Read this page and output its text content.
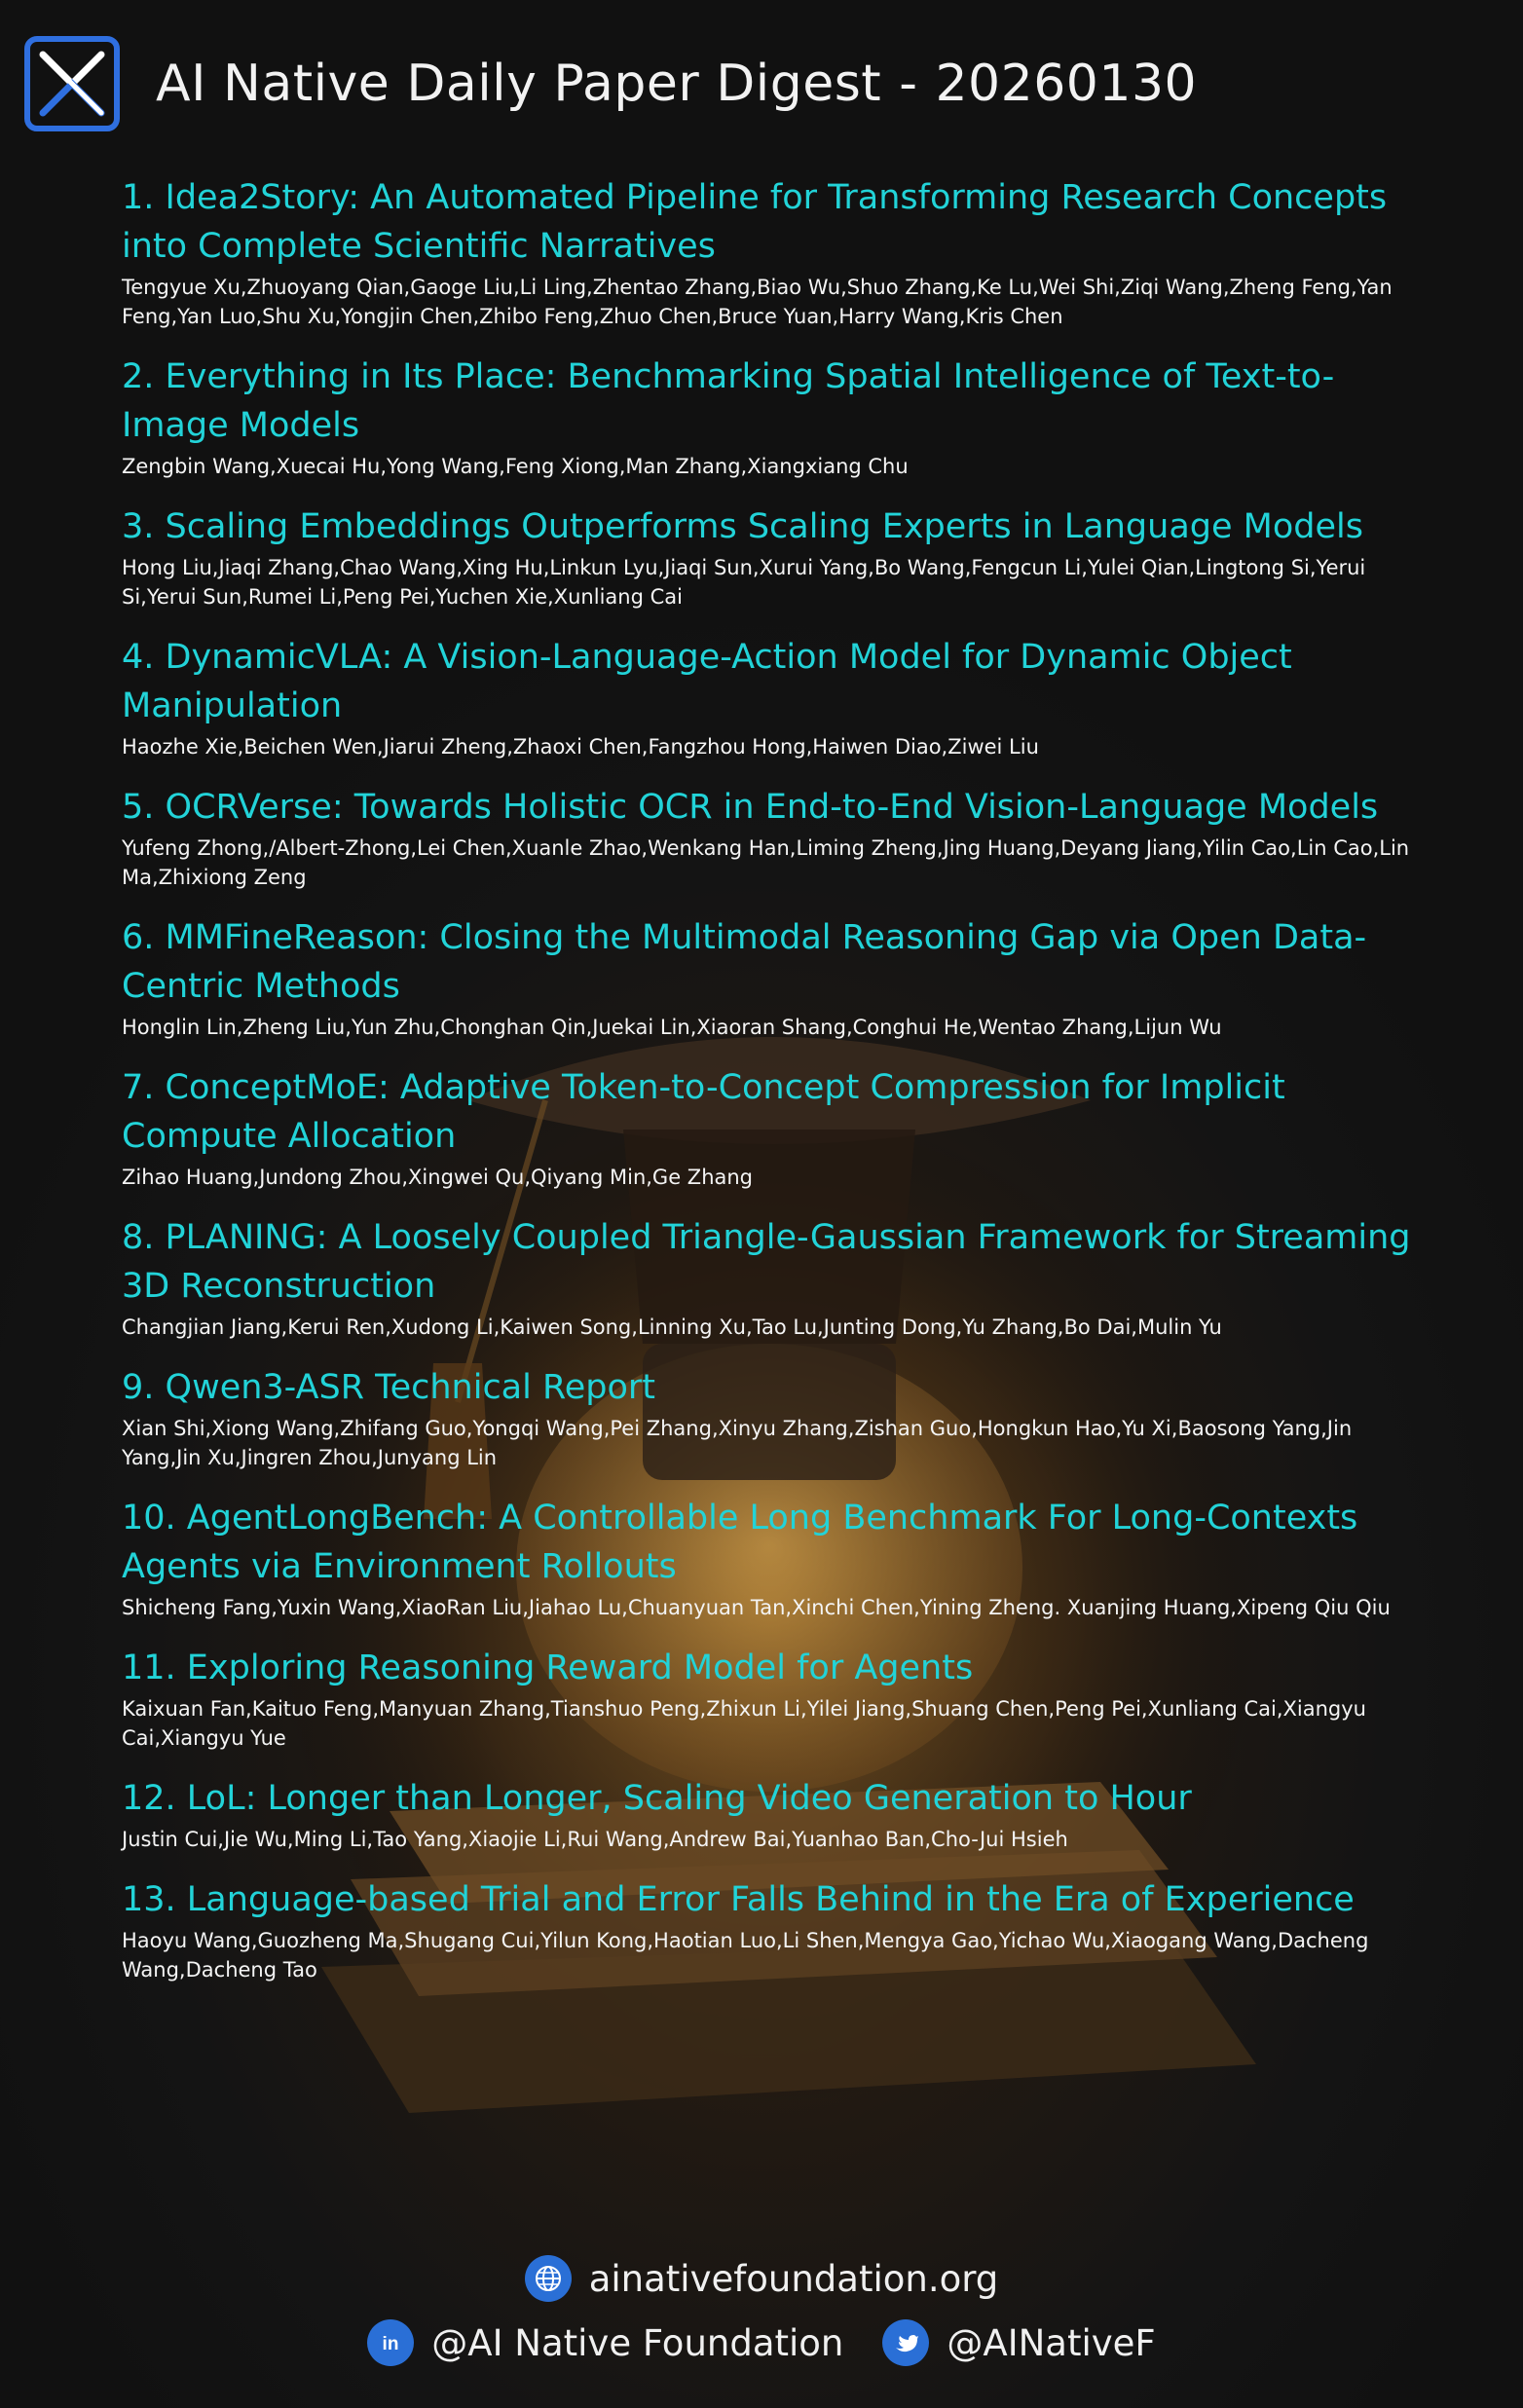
AI Native Daily Paper Digest - 20260130
1. Idea2Story: An Automated Pipeline for Transforming Research Concepts into Complete Scientific Narratives
Tengyue Xu,Zhuoyang Qian,Gaoge Liu,Li Ling,Zhentao Zhang,Biao Wu,Shuo Zhang,Ke Lu,Wei Shi,Ziqi Wang,Zheng Feng,Yan Feng,Yan Luo,Shu Xu,Yongjin Chen,Zhibo Feng,Zhuo Chen,Bruce Yuan,Harry Wang,Kris Chen
2. Everything in Its Place: Benchmarking Spatial Intelligence of Text-to-Image Models
Zengbin Wang,Xuecai Hu,Yong Wang,Feng Xiong,Man Zhang,Xiangxiang Chu
3. Scaling Embeddings Outperforms Scaling Experts in Language Models
Hong Liu,Jiaqi Zhang,Chao Wang,Xing Hu,Linkun Lyu,Jiaqi Sun,Xurui Yang,Bo Wang,Fengcun Li,Yulei Qian,Lingtong Si,Yerui Si,Yerui Sun,Rumei Li,Peng Pei,Yuchen Xie,Xunliang Cai
4. DynamicVLA: A Vision-Language-Action Model for Dynamic Object Manipulation
Haozhe Xie,Beichen Wen,Jiarui Zheng,Zhaoxi Chen,Fangzhou Hong,Haiwen Diao,Ziwei Liu
5. OCRVerse: Towards Holistic OCR in End-to-End Vision-Language Models
Yufeng Zhong,/Albert-Zhong,Lei Chen,Xuanle Zhao,Wenkang Han,Liming Zheng,Jing Huang,Deyang Jiang,Yilin Cao,Lin Cao,Lin Ma,Zhixiong Zeng
6. MMFineReason: Closing the Multimodal Reasoning Gap via Open Data-Centric Methods
Honglin Lin,Zheng Liu,Yun Zhu,Chonghan Qin,Juekai Lin,Xiaoran Shang,Conghui He,Wentao Zhang,Lijun Wu
7. ConceptMoE: Adaptive Token-to-Concept Compression for Implicit Compute Allocation
Zihao Huang,Jundong Zhou,Xingwei Qu,Qiyang Min,Ge Zhang
8. PLANING: A Loosely Coupled Triangle-Gaussian Framework for Streaming 3D Reconstruction
Changjian Jiang,Kerui Ren,Xudong Li,Kaiwen Song,Linning Xu,Tao Lu,Junting Dong,Yu Zhang,Bo Dai,Mulin Yu
9. Qwen3-ASR Technical Report
Xian Shi,Xiong Wang,Zhifang Guo,Yongqi Wang,Pei Zhang,Xinyu Zhang,Zishan Guo,Hongkun Hao,Yu Xi,Baosong Yang,Jin Yang,Jin Xu,Jingren Zhou,Junyang Lin
10. AgentLongBench: A Controllable Long Benchmark For Long-Contexts Agents via Environment Rollouts
Shicheng Fang,Yuxin Wang,XiaoRan Liu,Jiahao Lu,Chuanyuan Tan,Xinchi Chen,Yining Zheng. Xuanjing Huang,Xipeng Qiu Qiu
11. Exploring Reasoning Reward Model for Agents
Kaixuan Fan,Kaituo Feng,Manyuan Zhang,Tianshuo Peng,Zhixun Li,Yilei Jiang,Shuang Chen,Peng Pei,Xunliang Cai,Xiangyu Cai,Xiangyu Yue
12. LoL: Longer than Longer, Scaling Video Generation to Hour
Justin Cui,Jie Wu,Ming Li,Tao Yang,Xiaojie Li,Rui Wang,Andrew Bai,Yuanhao Ban,Cho-Jui Hsieh
13. Language-based Trial and Error Falls Behind in the Era of Experience
Haoyu Wang,Guozheng Ma,Shugang Cui,Yilun Kong,Haotian Luo,Li Shen,Mengya Gao,Yichao Wu,Xiaogang Wang,Dacheng Wang,Dacheng Tao
ainativefoundation.org
in @AI Native Foundation	@AINativeF
